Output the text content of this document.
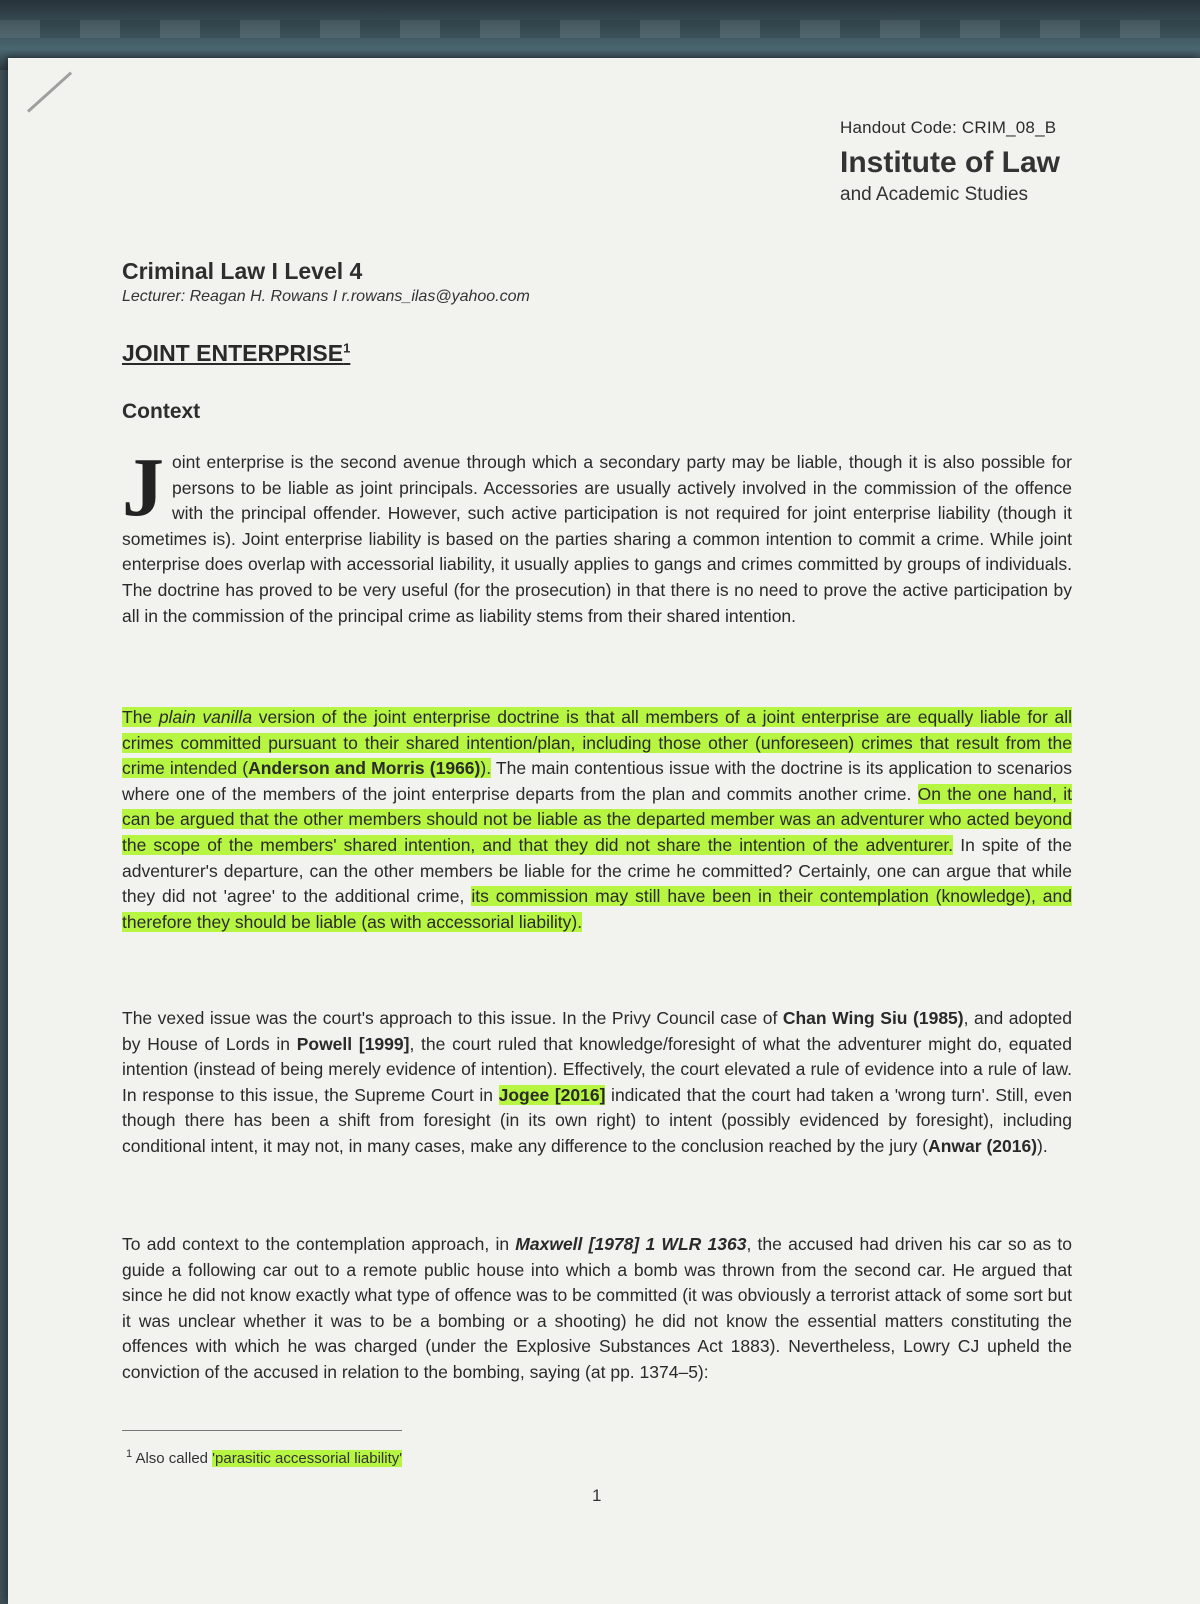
Handout Code: CRIM_08_B
Institute of Law
and Academic Studies
Criminal Law I Level 4
Lecturer: Reagan H. Rowans I r.rowans_ilas@yahoo.com
JOINT ENTERPRISE$^1$
Context
Joint enterprise is the second avenue through which a secondary party may be liable, though it is also possible for persons to be liable as joint principals. Accessories are usually actively involved in the commission of the offence with the principal offender. However, such active participation is not required for joint enterprise liability (though it sometimes is). Joint enterprise liability is based on the parties sharing a common intention to commit a crime. While joint enterprise does overlap with accessorial liability, it usually applies to gangs and crimes committed by groups of individuals. The doctrine has proved to be very useful (for the prosecution) in that there is no need to prove the active participation by all in the commission of the principal crime as liability stems from their shared intention.
The plain vanilla version of the joint enterprise doctrine is that all members of a joint enterprise are equally liable for all crimes committed pursuant to their shared intention/plan, including those other (unforeseen) crimes that result from the crime intended (Anderson and Morris (1966)). The main contentious issue with the doctrine is its application to scenarios where one of the members of the joint enterprise departs from the plan and commits another crime. On the one hand, it can be argued that the other members should not be liable as the departed member was an adventurer who acted beyond the scope of the members' shared intention, and that they did not share the intention of the adventurer. In spite of the adventurer's departure, can the other members be liable for the crime he committed? Certainly, one can argue that while they did not 'agree' to the additional crime, its commission may still have been in their contemplation (knowledge), and therefore they should be liable (as with accessorial liability).
The vexed issue was the court's approach to this issue. In the Privy Council case of Chan Wing Siu (1985), and adopted by House of Lords in Powell [1999], the court ruled that knowledge/foresight of what the adventurer might do, equated intention (instead of being merely evidence of intention). Effectively, the court elevated a rule of evidence into a rule of law. In response to this issue, the Supreme Court in Jogee [2016] indicated that the court had taken a 'wrong turn'. Still, even though there has been a shift from foresight (in its own right) to intent (possibly evidenced by foresight), including conditional intent, it may not, in many cases, make any difference to the conclusion reached by the jury (Anwar (2016)).
To add context to the contemplation approach, in Maxwell [1978] 1 WLR 1363, the accused had driven his car so as to guide a following car out to a remote public house into which a bomb was thrown from the second car. He argued that since he did not know exactly what type of offence was to be committed (it was obviously a terrorist attack of some sort but it was unclear whether it was to be a bombing or a shooting) he did not know the essential matters constituting the offences with which he was charged (under the Explosive Substances Act 1883). Nevertheless, Lowry CJ upheld the conviction of the accused in relation to the bombing, saying (at pp. 1374–5):
$^1$ Also called 'parasitic accessorial liability'
1
